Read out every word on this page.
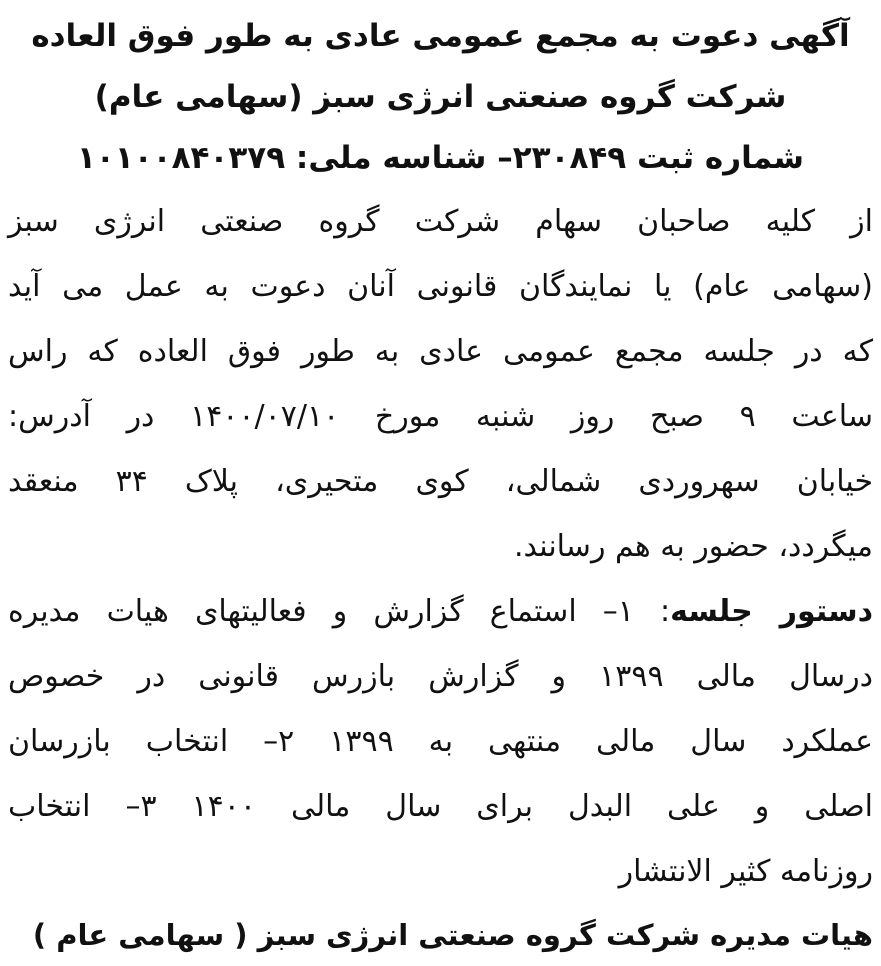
آگهی دعوت به مجمع عمومی عادی به طور فوق العاده

شرکت گروه صنعتی انرژی سبز (سهامی عام)

شماره ثبت ۲۳۰۸۴۹– شناسه ملی: ۱۰۱۰۰۸۴۰۳۷۹

از کلیه صاحبان سهام شرکت گروه صنعتی انرژی سبز

(سهامی عام) یا نمایندگان قانونی آنان دعوت به عمل می آید

که در جلسه مجمع عمومی عادی به طور فوق العاده که راس

ساعت ۹ صبح روز شنبه مورخ ۱۴۰۰/۰۷/۱۰ در آدرس:

خیابان سهروردی شمالی، کوی متحیری، پلاک ۳۴ منعقد

میگردد، حضور به هم رسانند.

دستور جلسه: ۱– استماع گزارش و فعالیتهای هیات مدیره

درسال مالی ۱۳۹۹ و گزارش بازرس قانونی در خصوص

عملکرد سال مالی منتهی به ۱۳۹۹ ۲– انتخاب بازرسان

اصلی و علی البدل برای سال مالی ۱۴۰۰ ۳– انتخاب

روزنامه کثیر الانتشار

هیات مدیره شرکت گروه صنعتی انرژی سبز ( سهامی عام )
